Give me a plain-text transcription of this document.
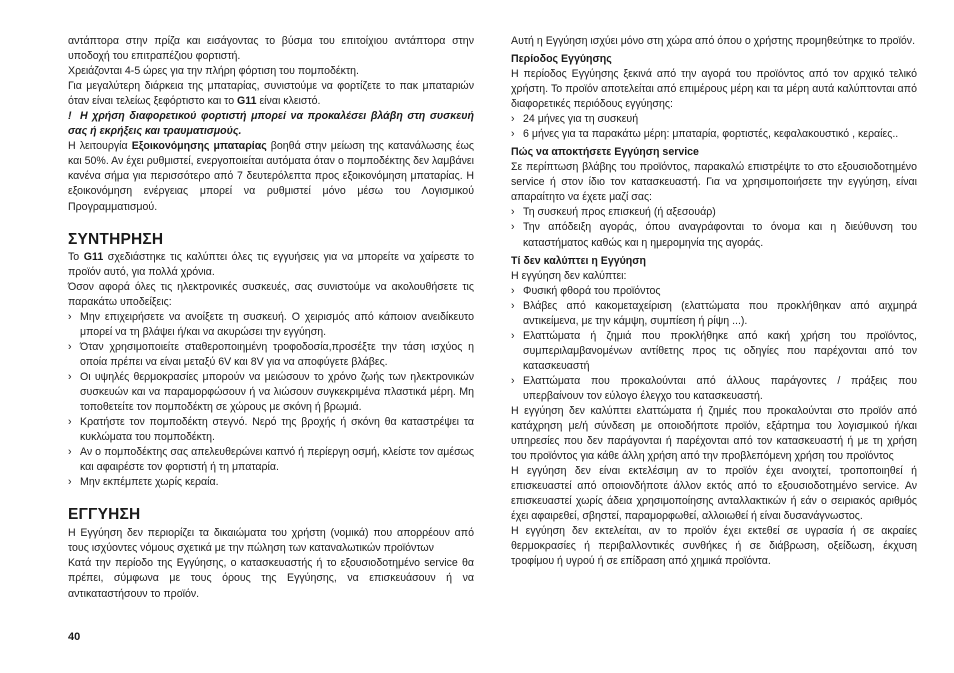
αντάπτορα στην πρίζα και εισάγοντας το βύσμα του επιτοίχιου αντάπτορα στην υποδοχή του επιτραπέζιου φορτιστή.

Χρειάζονται 4-5 ώρες για την πλήρη φόρτιση του πομποδέκτη.

Για μεγαλύτερη διάρκεια της μπαταρίας, συνιστούμε να φορτίζετε το πακ μπαταριών όταν είναι τελείως ξεφόρτιστο και το G11 είναι κλειστό.

! Η χρήση διαφορετικού φορτιστή μπορεί να προκαλέσει βλάβη στη συσκευή σας ή εκρήξεις και τραυματισμούς.

Η λειτουργία Εξοικονόμησης μπαταρίας βοηθά στην μείωση της κατανάλωσης έως και 50%. Αν έχει ρυθμιστεί, ενεργοποιείται αυτόματα όταν ο πομποδέκτης δεν λαμβάνει κανένα σήμα για περισσότερο από 7 δευτερόλεπτα προς εξοικονόμηση μπαταρίας. Η εξοικονόμηση ενέργειας μπορεί να ρυθμιστεί μόνο μέσω του Λογισμικού Προγραμματισμού.

ΣΥΝΤΗΡΗΣΗ

Το G11 σχεδιάστηκε τις καλύπτει όλες τις εγγυήσεις για να μπορείτε να χαίρεστε το προϊόν αυτό, για πολλά χρόνια.

Όσον αφορά όλες τις ηλεκτρονικές συσκευές, σας συνιστούμε να ακολουθήσετε τις παρακάτω υποδείξεις:

› Μην επιχειρήσετε να ανοίξετε τη συσκευή. Ο χειρισμός από κάποιον ανειδίκευτο μπορεί να τη βλάψει ή/και να ακυρώσει την εγγύηση.
› Όταν χρησιμοποιείτε σταθεροποιημένη τροφοδοσία,προσέξτε την τάση ισχύος η οποία πρέπει να είναι μεταξύ 6V και 8V για να αποφύγετε βλάβες.
› Οι υψηλές θερμοκρασίες μπορούν να μειώσουν το χρόνο ζωής των ηλεκτρονικών συσκευών και να παραμορφώσουν ή να λιώσουν συγκεκριμένα πλαστικά μέρη. Μη τοποθετείτε τον πομποδέκτη σε χώρους με σκόνη ή βρωμιά.
› Κρατήστε τον πομποδέκτη στεγνό. Νερό της βροχής ή σκόνη θα καταστρέψει τα κυκλώματα του πομποδέκτη.
› Αν ο πομποδέκτης σας απελευθερώνει καπνό ή περίεργη οσμή, κλείστε τον αμέσως και αφαιρέστε τον φορτιστή ή τη μπαταρία.
› Μην εκπέμπετε χωρίς κεραία.
ΕΓΓΥΗΣΗ

Η Εγγύηση δεν περιορίζει τα δικαιώματα του χρήστη (νομικά) που απορρέουν από τους ισχύοντες νόμους σχετικά με την πώληση των καταναλωτικών προϊόντων

Κατά την περίοδο της Εγγύησης, ο κατασκευαστής ή το εξουσιοδοτημένο service θα πρέπει, σύμφωνα με τους όρους της Εγγύησης, να επισκευάσουν ή να αντικαταστήσουν το προϊόν.

Αυτή η Εγγύηση ισχύει μόνο στη χώρα από όπου ο χρήστης προμηθεύτηκε το προϊόν.

Περίοδος Εγγύησης

Η περίοδος Εγγύησης ξεκινά από την αγορά του προϊόντος από τον αρχικό τελικό χρήστη. Το προϊόν αποτελείται από επιμέρους μέρη και τα μέρη αυτά καλύπτονται από διαφορετικές περιόδους εγγύησης:

› 24 μήνες για τη συσκευή
› 6 μήνες για τα παρακάτω μέρη: μπαταρία, φορτιστές, κεφαλακουστικό , κεραίες..
Πώς να αποκτήσετε Εγγύηση service

Σε περίπτωση βλάβης του προϊόντος, παρακαλώ επιστρέψτε το στο εξουσιοδοτημένο service ή στον ίδιο τον κατασκευαστή. Για να χρησιμοποιήσετε την εγγύηση, είναι απαραίτητο να έχετε μαζί σας:

› Τη συσκευή προς επισκευή (ή αξεσουάρ)
› Την απόδειξη αγοράς, όπου αναγράφονται το όνομα και η διεύθυνση του καταστήματος καθώς και η ημερομηνία της αγοράς.
Τί δεν καλύπτει η Εγγύηση

Η εγγύηση δεν καλύπτει:

› Φυσική φθορά του προϊόντος
› Βλάβες από κακομεταχείριση (ελαττώματα που προκλήθηκαν από αιχμηρά αντικείμενα, με την κάμψη, συμπίεση ή ρίψη ...).
› Ελαττώματα ή ζημιά που προκλήθηκε από κακή χρήση του προϊόντος, συμπεριλαμβανομένων αντίθετης προς τις οδηγίες που παρέχονται από τον κατασκευαστή
› Ελαττώματα που προκαλούνται από άλλους παράγοντες / πράξεις που υπερβαίνουν τον εύλογο έλεγχο του κατασκευαστή.

Η εγγύηση δεν καλύπτει ελαττώματα ή ζημιές που προκαλούνται στο προϊόν από κατάχρηση με/ή σύνδεση με οποιοδήποτε προϊόν, εξάρτημα του λογισμικού ή/και υπηρεσίες που δεν παράγονται ή παρέχονται από τον κατασκευαστή ή με τη χρήση του προϊόντος για κάθε άλλη χρήση από την προβλεπόμενη χρήση του προϊόντος

Η εγγύηση δεν είναι εκτελέσιμη αν το προϊόν έχει ανοιχτεί, τροποποιηθεί ή επισκευαστεί από οποιονδήποτε άλλον εκτός από το εξουσιοδοτημένο service. Αν επισκευαστεί χωρίς άδεια χρησιμοποίησης ανταλλακτικών ή εάν ο σειριακός αριθμός έχει αφαιρεθεί, σβηστεί, παραμορφωθεί, αλλοιωθεί ή είναι δυσανάγνωστος.

Η εγγύηση δεν εκτελείται, αν το προϊόν έχει εκτεθεί σε υγρασία ή σε ακραίες θερμοκρασίες ή περιβαλλοντικές συνθήκες ή σε διάβρωση, οξείδωση, έκχυση τροφίμου ή υγρού ή σε επίδραση από χημικά προϊόντα.

40
